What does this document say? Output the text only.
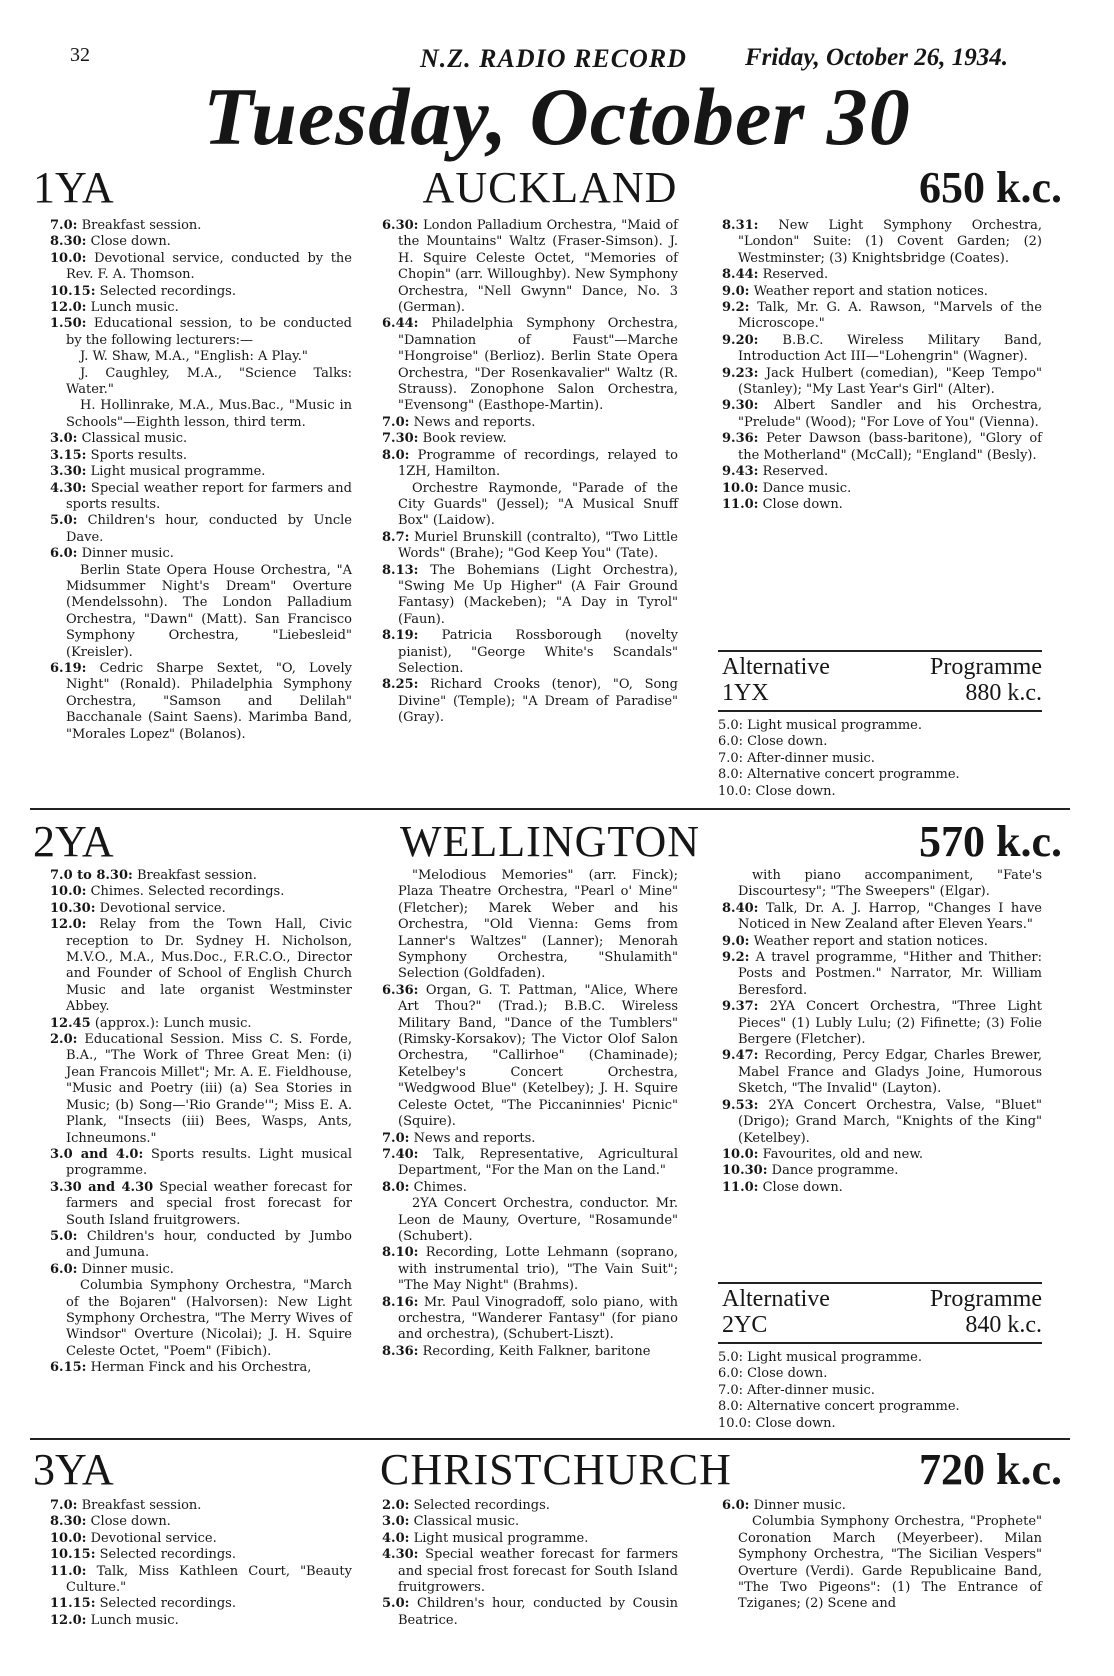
32	N.Z. RADIO RECORD Friday, October 26, 1934.
Tuesday, October 30
1YA	AUCKLAND	650 k.c.

7.0: Breakfast session.

8.30: Close down.

10.0: Devotional service, conducted by the Rev. F. A. Thomson.

10.15: Selected recordings.

12.0: Lunch music.

1.50: Educational session, to be conducted by the following lecturers:—

J. W. Shaw, M.A., "English: A Play."

J. Caughley, M.A., "Science Talks: Water."

H. Hollinrake, M.A., Mus.Bac., "Music in Schools"—Eighth lesson, third term.

3.0: Classical music.

3.15: Sports results.

3.30: Light musical programme.

4.30: Special weather report for farmers and sports results.

5.0: Children's hour, conducted by Uncle Dave.

6.0: Dinner music.

Berlin State Opera House Orchestra, "A Midsummer Night's Dream" Overture (Mendelssohn). The London Palladium Orchestra, "Dawn" (Matt). San Francisco Symphony Orchestra, "Liebesleid" (Kreisler).

6.19: Cedric Sharpe Sextet, "O, Lovely Night" (Ronald). Philadelphia Symphony Orchestra, "Samson and Delilah" Bacchanale (Saint Saens). Marimba Band, "Morales Lopez" (Bolanos).

6.30: London Palladium Orchestra, "Maid of the Mountains" Waltz (Fraser-Simson). J. H. Squire Celeste Octet, "Memories of Chopin" (arr. Willoughby). New Symphony Orchestra, "Nell Gwynn" Dance, No. 3 (German).

6.44: Philadelphia Symphony Orchestra, "Damnation of Faust"—Marche "Hongroise" (Berlioz). Berlin State Opera Orchestra, "Der Rosenkavalier" Waltz (R. Strauss). Zonophone Salon Orchestra, "Evensong" (Easthope-Martin).

7.0: News and reports.

7.30: Book review.

8.0: Programme of recordings, relayed to 1ZH, Hamilton.

Orchestre Raymonde, "Parade of the City Guards" (Jessel); "A Musical Snuff Box" (Laidow).

8.7: Muriel Brunskill (contralto), "Two Little Words" (Brahe); "God Keep You" (Tate).

8.13: The Bohemians (Light Orchestra), "Swing Me Up Higher" (A Fair Ground Fantasy) (Mackeben); "A Day in Tyrol" (Faun).

8.19: Patricia Rossborough (novelty pianist), "George White's Scandals" Selection.

8.25: Richard Crooks (tenor), "O, Song Divine" (Temple); "A Dream of Paradise" (Gray).

8.31: New Light Symphony Orchestra, "London" Suite: (1) Covent Garden; (2) Westminster; (3) Knightsbridge (Coates).

8.44: Reserved.

9.0: Weather report and station notices.

9.2: Talk, Mr. G. A. Rawson, "Marvels of the Microscope."

9.20: B.B.C. Wireless Military Band, Introduction Act III—"Lohengrin" (Wagner).

9.23: Jack Hulbert (comedian), "Keep Tempo" (Stanley); "My Last Year's Girl" (Alter).

9.30: Albert Sandler and his Orchestra, "Prelude" (Wood); "For Love of You" (Vienna).

9.36: Peter Dawson (bass-baritone), "Glory of the Motherland" (McCall); "England" (Besly).

9.43: Reserved.

10.0: Dance music.

11.0: Close down.

Alternative	Programme
1YX	880 k.c.

5.0: Light musical programme.

6.0: Close down.

7.0: After-dinner music.

8.0: Alternative concert programme.

10.0: Close down.

2YA	WELLINGTON	570 k.c.

7.0 to 8.30: Breakfast session.

10.0: Chimes. Selected recordings.

10.30: Devotional service.

12.0: Relay from the Town Hall, Civic reception to Dr. Sydney H. Nicholson, M.V.O., M.A., Mus.Doc., F.R.C.O., Director and Founder of School of English Church Music and late organist Westminster Abbey.

12.45 (approx.): Lunch music.

2.0: Educational Session. Miss C. S. Forde, B.A., "The Work of Three Great Men: (i) Jean Francois Millet"; Mr. A. E. Fieldhouse, "Music and Poetry (iii) (a) Sea Stories in Music; (b) Song—'Rio Grande'"; Miss E. A. Plank, "Insects (iii) Bees, Wasps, Ants, Ichneumons."

3.0 and 4.0: Sports results. Light musical programme.

3.30 and 4.30 Special weather forecast for farmers and special frost forecast for South Island fruitgrowers.

5.0: Children's hour, conducted by Jumbo and Jumuna.

6.0: Dinner music.

Columbia Symphony Orchestra, "March of the Bojaren" (Halvorsen): New Light Symphony Orchestra, "The Merry Wives of Windsor" Overture (Nicolai); J. H. Squire Celeste Octet, "Poem" (Fibich).

6.15: Herman Finck and his Orchestra,

"Melodious Memories" (arr. Finck); Plaza Theatre Orchestra, "Pearl o' Mine" (Fletcher); Marek Weber and his Orchestra, "Old Vienna: Gems from Lanner's Waltzes" (Lanner); Menorah Symphony Orchestra, "Shulamith" Selection (Goldfaden).

6.36: Organ, G. T. Pattman, "Alice, Where Art Thou?" (Trad.); B.B.C. Wireless Military Band, "Dance of the Tumblers" (Rimsky-Korsakov); The Victor Olof Salon Orchestra, "Callirhoe" (Chaminade); Ketelbey's Concert Orchestra, "Wedgwood Blue" (Ketelbey); J. H. Squire Celeste Octet, "The Piccaninnies' Picnic" (Squire).

7.0: News and reports.

7.40: Talk, Representative, Agricultural Department, "For the Man on the Land."

8.0: Chimes.

2YA Concert Orchestra, conductor. Mr. Leon de Mauny, Overture, "Rosamunde" (Schubert).

8.10: Recording, Lotte Lehmann (soprano, with instrumental trio), "The Vain Suit"; "The May Night" (Brahms).

8.16: Mr. Paul Vinogradoff, solo piano, with orchestra, "Wanderer Fantasy" (for piano and orchestra), (Schubert-Liszt).

8.36: Recording, Keith Falkner, baritone

with piano accompaniment, "Fate's Discourtesy"; "The Sweepers" (Elgar).

8.40: Talk, Dr. A. J. Harrop, "Changes I have Noticed in New Zealand after Eleven Years."

9.0: Weather report and station notices.

9.2: A travel programme, "Hither and Thither: Posts and Postmen." Narrator, Mr. William Beresford.

9.37: 2YA Concert Orchestra, "Three Light Pieces" (1) Lubly Lulu; (2) Fifinette; (3) Folie Bergere (Fletcher).

9.47: Recording, Percy Edgar, Charles Brewer, Mabel France and Gladys Joine, Humorous Sketch, "The Invalid" (Layton).

9.53: 2YA Concert Orchestra, Valse, "Bluet" (Drigo); Grand March, "Knights of the King" (Ketelbey).

10.0: Favourites, old and new.

10.30: Dance programme.

11.0: Close down.

Alternative	Programme
2YC	840 k.c.

5.0: Light musical programme.

6.0: Close down.

7.0: After-dinner music.

8.0: Alternative concert programme.

10.0: Close down.

3YA	CHRISTCHURCH	720 k.c.

7.0: Breakfast session.

8.30: Close down.

10.0: Devotional service.

10.15: Selected recordings.

11.0: Talk, Miss Kathleen Court, "Beauty Culture."

11.15: Selected recordings.

12.0: Lunch music.

2.0: Selected recordings.

3.0: Classical music.

4.0: Light musical programme.

4.30: Special weather forecast for farmers and special frost forecast for South Island fruitgrowers.

5.0: Children's hour, conducted by Cousin Beatrice.

6.0: Dinner music.

Columbia Symphony Orchestra, "Prophete" Coronation March (Meyerbeer). Milan Symphony Orchestra, "The Sicilian Vespers" Overture (Verdi). Garde Republicaine Band, "The Two Pigeons": (1) The Entrance of Tziganes; (2) Scene and
